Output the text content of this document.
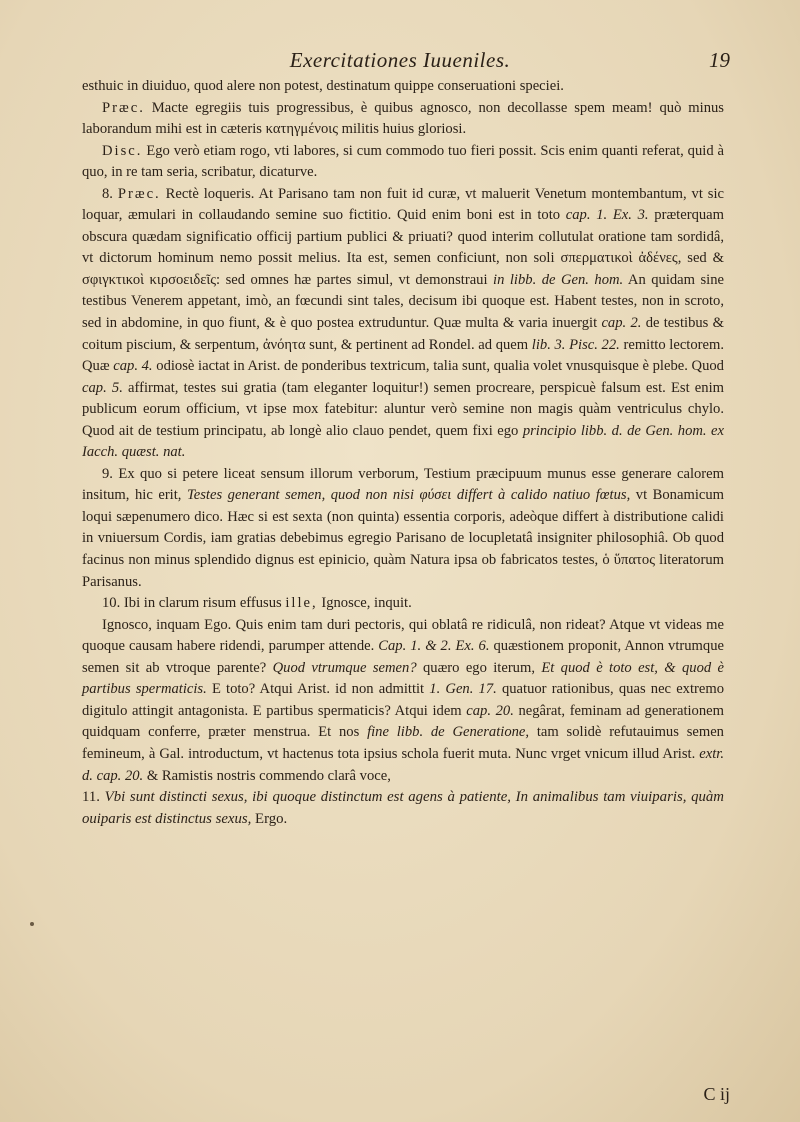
Exercitationes Iuueniles.	19

esthuic in diuiduo, quod alere non potest, destinatum quippe conseruationi speciei.

Præc. Macte egregiis tuis progressibus, è quibus agnosco, non decollasse spem meam! quò minus laborandum mihi est in cæteris κατηγμένοις militis huius gloriosi.

Disc. Ego verò etiam rogo, vti labores, si cum commodo tuo fieri possit. Scis enim quanti referat, quid à quo, in re tam seria, scribatur, dicaturve.

8. Præc. Rectè loqueris. At Parisano tam non fuit id curæ, vt maluerit Venetum montembantum, vt sic loquar, æmulari in collaudando semine suo fictitio. Quid enim boni est in toto cap. 1. Ex. 3. præterquam obscura quædam significatio officij partium publici & priuati? quod interim collutulat oratione tam sordidâ, vt dictorum hominum nemo possit melius. Ita est, semen conficiunt, non soli σπερματικοὶ ἀδένες, sed & σφιγκτικοὶ κιρσοειδεῖς: sed omnes hæ partes simul, vt demonstraui in libb. de Gen. hom. An quidam sine testibus Venerem appetant, imò, an fœcundi sint tales, decisum ibi quoque est. Habent testes, non in scroto, sed in abdomine, in quo fiunt, & è quo postea extruduntur. Quæ multa & varia inuergit cap. 2. de testibus & coitum piscium, & serpentum, ἀνόητα sunt, & pertinent ad Rondel. ad quem lib. 3. Pisc. 22. remitto lectorem. Quæ cap. 4. odiosè iactat in Arist. de ponderibus textricum, talia sunt, qualia volet vnusquisque è plebe. Quod cap. 5. affirmat, testes sui gratia (tam eleganter loquitur!) semen procreare, perspicuè falsum est. Est enim publicum eorum officium, vt ipse mox fatebitur: aluntur verò semine non magis quàm ventriculus chylo. Quod ait de testium principatu, ab longè alio clauo pendet, quem fixi ego principio libb. d. de Gen. hom. ex Iacch. quæst. nat.

9. Ex quo si petere liceat sensum illorum verborum, Testium præcipuum munus esse generare calorem insitum, hic erit, Testes generant semen, quod non nisi φύσει differt à calido natiuo fœtus, vt Bonamicum loqui sæpenumero dico. Hæc si est sexta (non quinta) essentia corporis, adeòque differt à distributione calidi in vniuersum Cordis, iam gratias debebimus egregio Parisano de locupletatâ insigniter philosophiâ. Ob quod facinus non minus splendido dignus est epinicio, quàm Natura ipsa ob fabricatos testes, ὁ ὕπατος literatorum Parisanus.

10. Ibi in clarum risum effusus ille, Ignosce, inquit.

Ignosco, inquam Ego. Quis enim tam duri pectoris, qui oblatâ re ridiculâ, non rideat? Atque vt videas me quoque causam habere ridendi, parumper attende. Cap. 1. & 2. Ex. 6. quæstionem proponit, Annon vtrumque semen sit ab vtroque parente? Quod vtrumque semen? quæro ego iterum, Et quod è toto est, & quod è partibus spermaticis. E toto? Atqui Arist. id non admittit 1. Gen. 17. quatuor rationibus, quas nec extremo digitulo attingit antagonista. E partibus spermaticis? Atqui idem cap. 20. negârat, feminam ad generationem quidquam conferre, præter menstrua. Et nos fine libb. de Generatione, tam solidè refutauimus semen femineum, à Gal. introductum, vt hactenus tota ipsius schola fuerit muta. Nunc vrget vnicum illud Arist. extr. d. cap. 20. & Ramistis nostris commendo clarâ voce,

11. Vbi sunt distincti sexus, ibi quoque distinctum est agens à patiente, In animalibus tam viuiparis, quàm ouiparis est distinctus sexus, Ergo.

C ij
